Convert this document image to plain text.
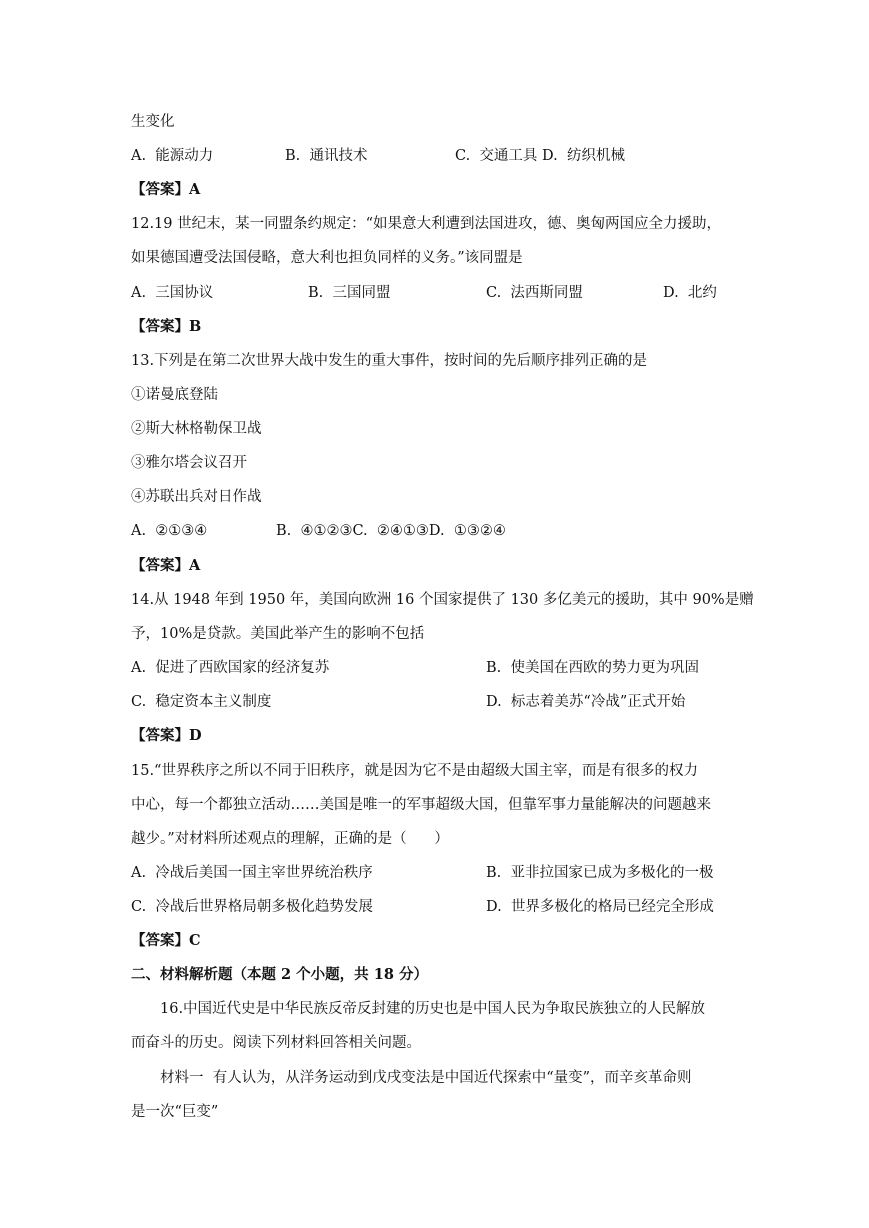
生变化
A.  能源动力	B.  通讯技术	C.  交通工具 D.  纺织机械
【答案】A
12.19 世纪末，某一同盟条约规定：“如果意大利遭到法国进攻，德、奥匈两国应全力援助，
如果德国遭受法国侵略，意大利也担负同样的义务。”该同盟是
A.  三国协议	B.  三国同盟	C.  法西斯同盟	D.  北约
【答案】B
13.下列是在第二次世界大战中发生的重大事件，按时间的先后顺序排列正确的是
①诺曼底登陆
②斯大林格勒保卫战
③雅尔塔会议召开
④苏联出兵对日作战
A.  ②①③④	B.  ④①②③C.  ②④①③D.  ①③②④
【答案】A
14.从 1948 年到 1950 年，美国向欧洲 16 个国家提供了 130 多亿美元的援助，其中 90%是赠
予，10%是贷款。美国此举产生的影响不包括
A.  促进了西欧国家的经济复苏	B.  使美国在西欧的势力更为巩固
C.  稳定资本主义制度	D.  标志着美苏“冷战”正式开始
【答案】D
15.“世界秩序之所以不同于旧秩序，就是因为它不是由超级大国主宰，而是有很多的权力
中心，每一个都独立活动……美国是唯一的军事超级大国，但靠军事力量能解决的问题越来
越少。”对材料所述观点的理解，正确的是（      ）
A.  冷战后美国一国主宰世界统治秩序	B.  亚非拉国家已成为多极化的一极
C.  冷战后世界格局朝多极化趋势发展	D.  世界多极化的格局已经完全形成
【答案】C
二、材料解析题（本题 2 个小题，共 18 分）
16.中国近代史是中华民族反帝反封建的历史也是中国人民为争取民族独立的人民解放
而奋斗的历史。阅读下列材料回答相关问题。
材料一  有人认为，从洋务运动到戊戌变法是中国近代探索中“量变”，而辛亥革命则
是一次“巨变”
